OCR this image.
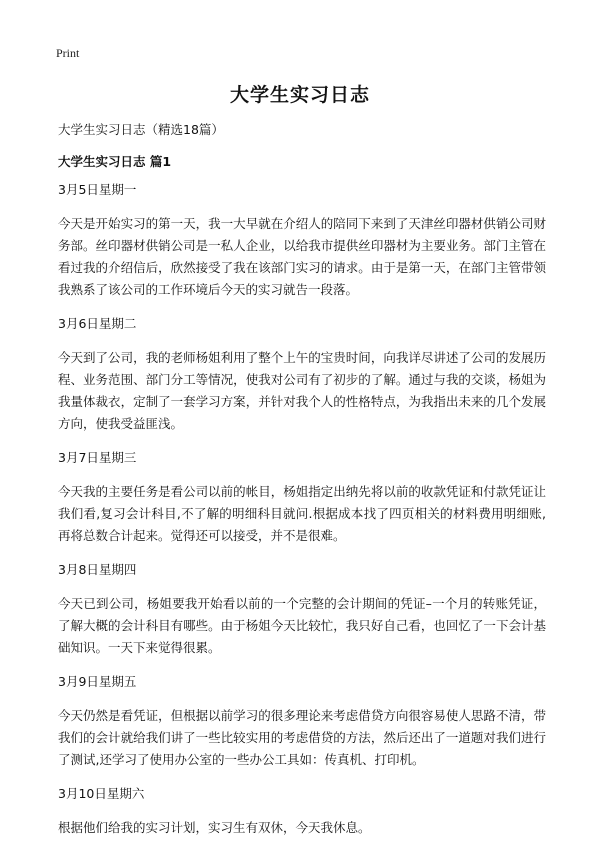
Print
大学生实习日志
大学生实习日志（精选18篇）
大学生实习日志 篇1
3月5日星期一
今天是开始实习的第一天，我一大早就在介绍人的陪同下来到了天津丝印器材供销公司财务部。丝印器材供销公司是一私人企业，以给我市提供丝印器材为主要业务。部门主管在看过我的介绍信后，欣然接受了我在该部门实习的请求。由于是第一天，在部门主管带领我熟系了该公司的工作环境后今天的实习就告一段落。
3月6日星期二
今天到了公司，我的老师杨姐利用了整个上午的宝贵时间，向我详尽讲述了公司的发展历程、业务范围、部门分工等情况，使我对公司有了初步的了解。通过与我的交谈，杨姐为我量体裁衣，定制了一套学习方案，并针对我个人的性格特点，为我指出未来的几个发展方向，使我受益匪浅。
3月7日星期三
今天我的主要任务是看公司以前的帐目，杨姐指定出纳先将以前的收款凭证和付款凭证让我们看,复习会计科目,不了解的明细科目就问.根据成本找了四页相关的材料费用明细账,再将总数合计起来。觉得还可以接受，并不是很难。
3月8日星期四
今天已到公司，杨姐要我开始看以前的一个完整的会计期间的凭证–一个月的转账凭证，了解大概的会计科目有哪些。由于杨姐今天比较忙，我只好自己看，也回忆了一下会计基础知识。一天下来觉得很累。
3月9日星期五
今天仍然是看凭证，但根据以前学习的很多理论来考虑借贷方向很容易使人思路不清，带我们的会计就给我们讲了一些比较实用的考虑借贷的方法，然后还出了一道题对我们进行了测试,还学习了使用办公室的一些办公工具如：传真机、打印机。
3月10日星期六
根据他们给我的实习计划，实习生有双休，今天我休息。
